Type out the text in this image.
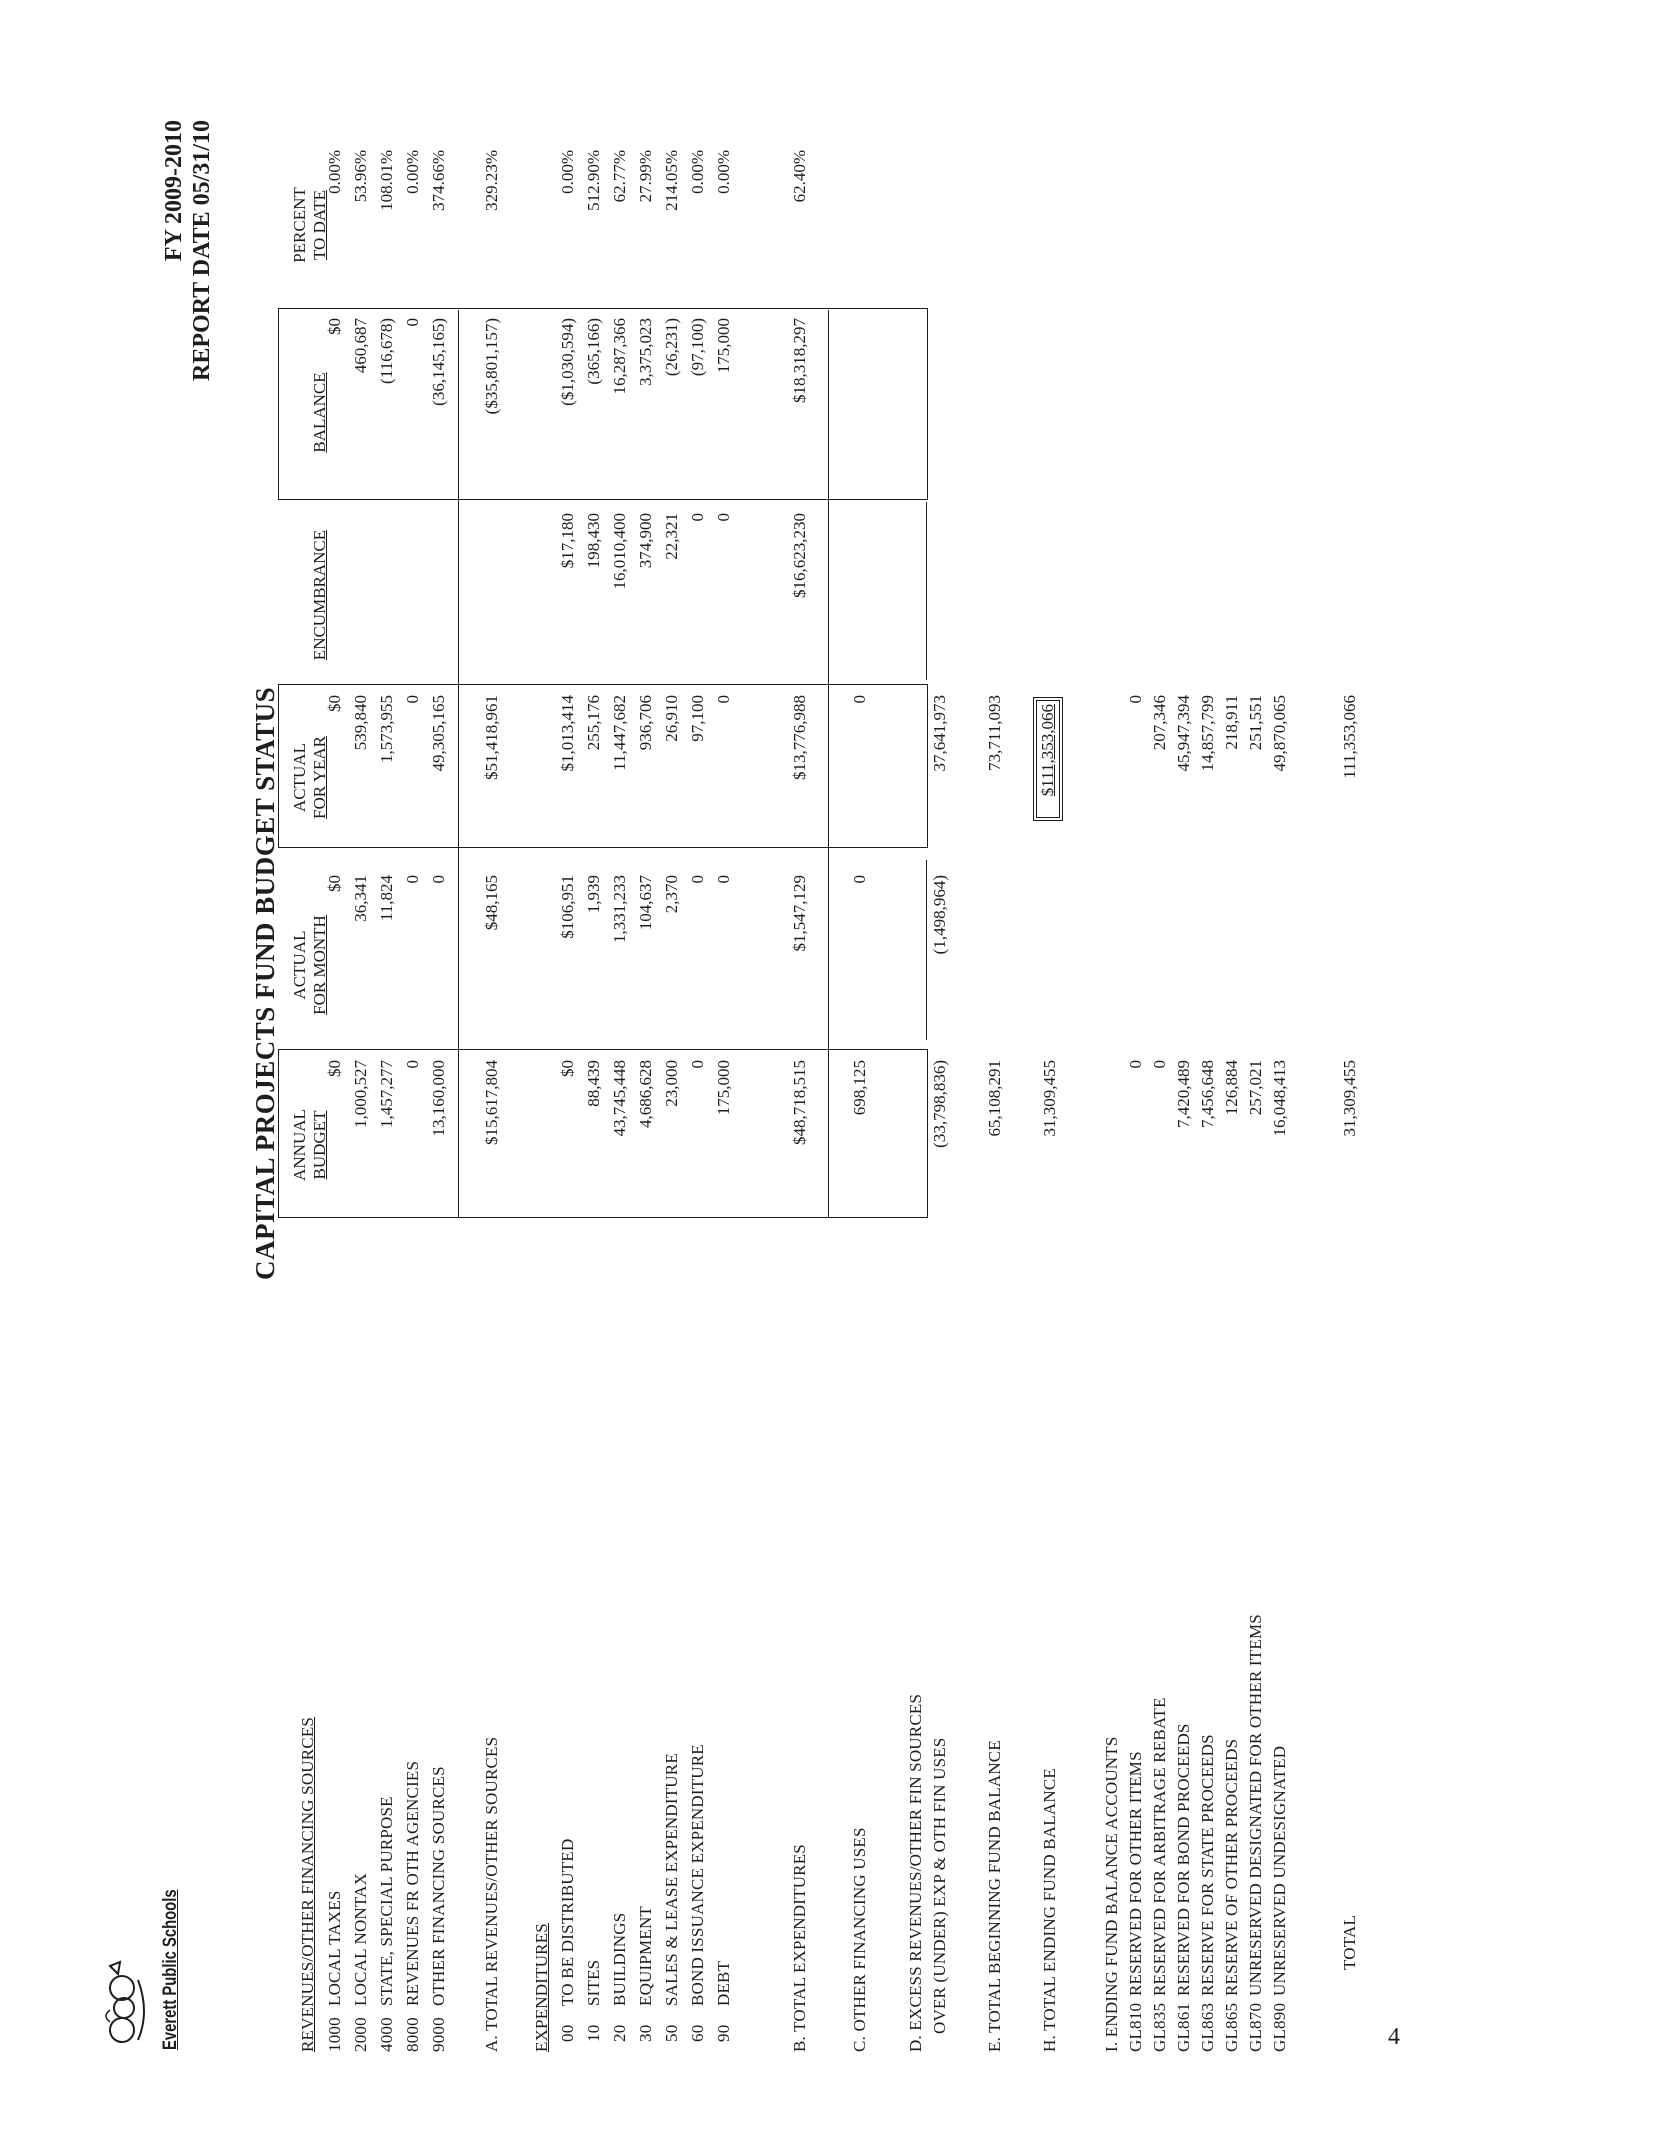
Everett Public Schools
CAPITAL PROJECTS FUND BUDGET STATUS
FY 2009-2010 REPORT DATE 05/31/10
ANNUAL BUDGET
ACTUAL FOR MONTH
ACTUAL FOR YEAR
ENCUMBRANCE
BALANCE
PERCENT TO DATE
REVENUES/OTHER FINANCING SOURCES 1000LOCAL TAXES
$0
$0
$0
$0
0.00%
2000LOCAL NONTAX
1,000,527
36,341
539,840
460,687
53.96%
4000STATE, SPECIAL PURPOSE
1,457,277
11,824
1,573,955
(116,678)
108.01%
8000REVENUES FR OTH AGENCIES
0
0
0
0
0.00%
9000OTHER FINANCING SOURCES
13,160,000
0
49,305,165
(36,145,165)
374.66%
A. TOTAL REVENUES/OTHER SOURCES
$15,617,804
$48,165
$51,418,961
($35,801,157)
329.23%
EXPENDITURES 00TO BE DISTRIBUTED
$0
$106,951
$1,013,414
$17,180
($1,030,594)
0.00%
10SITES
88,439
1,939
255,176
198,430
(365,166)
512.90%
20BUILDINGS
43,745,448
1,331,233
11,447,682
16,010,400
16,287,366
62.77%
30EQUIPMENT
4,686,628
104,637
936,706
374,900
3,375,023
27.99%
50SALES & LEASE EXPENDITURE
23,000
2,370
26,910
22,321
(26,231)
214.05%
60BOND ISSUANCE EXPENDITURE
0
0
97,100
0
(97,100)
0.00%
90DEBT
175,000
0
0
0
175,000
0.00%
B. TOTAL EXPENDITURES
$48,718,515
$1,547,129
$13,776,988
$16,623,230
$18,318,297
62.40%
C. OTHER FINANCING USES
698,125
0
0
D. EXCESS REVENUES/OTHER FIN SOURCES OVER (UNDER) EXP & OTH FIN USES
(33,798,836)
(1,498,964)
37,641,973
E. TOTAL BEGINNING FUND BALANCE
65,108,291
73,711,093
H. TOTAL ENDING FUND BALANCE
31,309,455
$111,353,066
I. ENDING FUND BALANCE ACCOUNTS GL810RESERVED FOR OTHER ITEMS
0
0
GL835RESERVED FOR ARBITRAGE REBATE
0
207,346
GL861RESERVED FOR BOND PROCEEDS
7,420,489
45,947,394
GL863RESERVE FOR STATE PROCEEDS
7,456,648
14,857,799
GL865RESERVE OF OTHER PROCEEDS
126,884
218,911
GL870UNRESERVED DESIGNATED FOR OTHER ITEMS
257,021
251,551
GL890UNRESERVED UNDESIGNATED
16,048,413
49,870,065
TOTAL
31,309,455
111,353,066
4
